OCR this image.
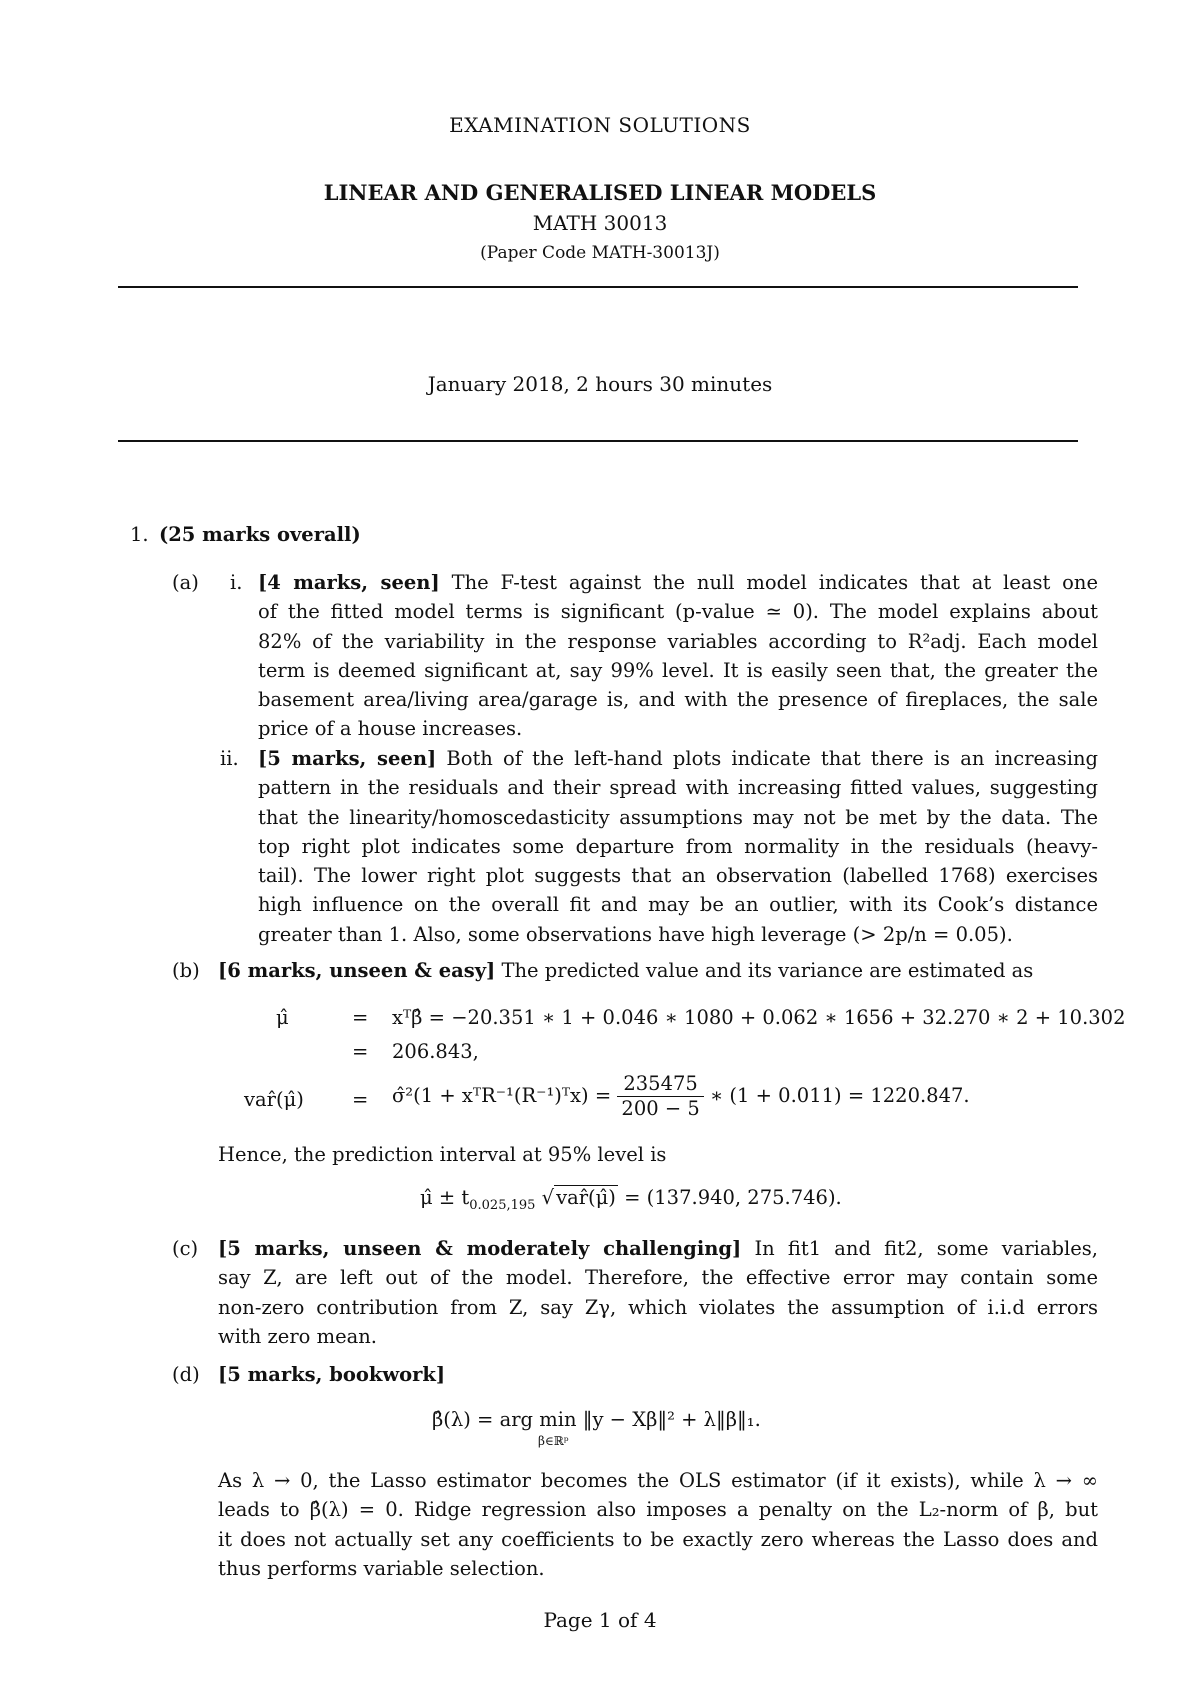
EXAMINATION SOLUTIONS
LINEAR AND GENERALISED LINEAR MODELS
MATH 30013
(Paper Code MATH-30013J)
January 2018, 2 hours 30 minutes
1. (25 marks overall)
(a) i. [4 marks, seen] The F-test against the null model indicates that at least one
of the fitted model terms is significant (p-value ≃ 0). The model explains about
82% of the variability in the response variables according to R²adj. Each model
term is deemed significant at, say 99% level. It is easily seen that, the greater the
basement area/living area/garage is, and with the presence of fireplaces, the sale
price of a house increases.
ii. [5 marks, seen] Both of the left-hand plots indicate that there is an increasing
pattern in the residuals and their spread with increasing fitted values, suggesting
that the linearity/homoscedasticity assumptions may not be met by the data. The
top right plot indicates some departure from normality in the residuals (heavy-
tail). The lower right plot suggests that an observation (labelled 1768) exercises
high influence on the overall fit and may be an outlier, with its Cook’s distance
greater than 1. Also, some observations have high leverage (> 2p/n = 0.05).
(b) [6 marks, unseen & easy] The predicted value and its variance are estimated as
μ̂	= xᵀβ̂ = −20.351 ∗ 1 + 0.046 ∗ 1080 + 0.062 ∗ 1656 + 32.270 ∗ 2 + 10.302
= 206.843,
var̂(μ̂) = σ̂²(1 + xᵀR⁻¹(R⁻¹)ᵀx) = $\frac{235475}{200 - 5}$ ∗ (1 + 0.011) = 1220.847.
Hence, the prediction interval at 95% level is
μ̂ ± $t_{0.025,195}$ √ var̂(μ̂) = (137.940, 275.746).
(c) [5 marks, unseen & moderately challenging] In fit1 and fit2, some variables,
say Z, are left out of the model. Therefore, the effective error may contain some
non-zero contribution from Z, say Zγ, which violates the assumption of i.i.d errors
with zero mean.
(d) [5 marks, bookwork]
β̂(λ) = arg min ‖y − Xβ‖² + λ‖β‖₁.
β∈ℝᵖ
As λ → 0, the Lasso estimator becomes the OLS estimator (if it exists), while λ → ∞
leads to β̂(λ) = 0. Ridge regression also imposes a penalty on the L₂-norm of β, but
it does not actually set any coefficients to be exactly zero whereas the Lasso does and
thus performs variable selection.
Page 1 of 4
